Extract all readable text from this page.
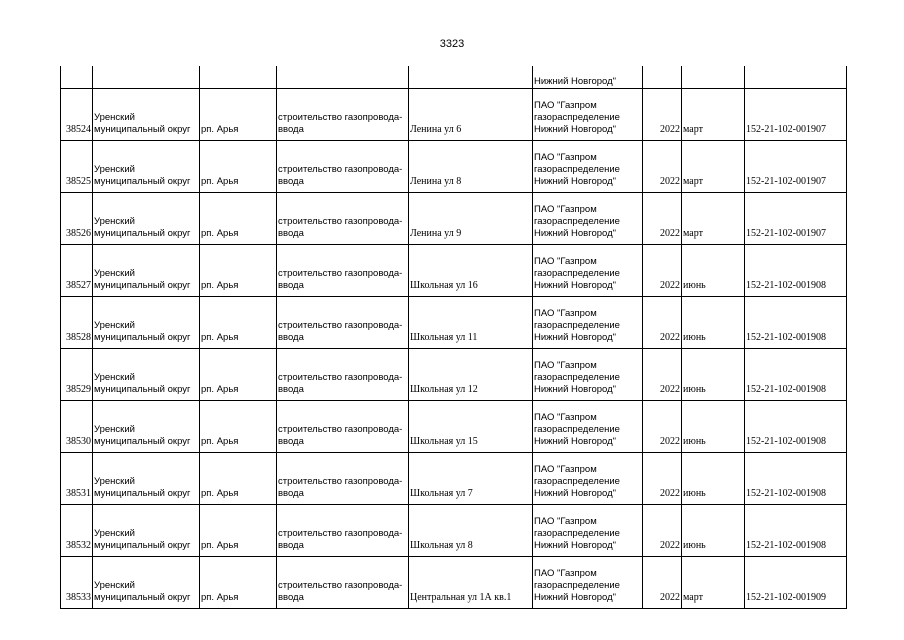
3323
					Нижний Новгород"			
38524	Уренский
муниципальный округ	рп. Арья	строительство газопровода-
ввода	Ленина ул 6	ПАО "Газпром
газораспределение
Нижний Новгород"	2022	март	152-21-102-001907
38525	Уренский
муниципальный округ	рп. Арья	строительство газопровода-
ввода	Ленина ул 8	ПАО "Газпром
газораспределение
Нижний Новгород"	2022	март	152-21-102-001907
38526	Уренский
муниципальный округ	рп. Арья	строительство газопровода-
ввода	Ленина ул 9	ПАО "Газпром
газораспределение
Нижний Новгород"	2022	март	152-21-102-001907
38527	Уренский
муниципальный округ	рп. Арья	строительство газопровода-
ввода	Школьная ул 16	ПАО "Газпром
газораспределение
Нижний Новгород"	2022	июнь	152-21-102-001908
38528	Уренский
муниципальный округ	рп. Арья	строительство газопровода-
ввода	Школьная ул 11	ПАО "Газпром
газораспределение
Нижний Новгород"	2022	июнь	152-21-102-001908
38529	Уренский
муниципальный округ	рп. Арья	строительство газопровода-
ввода	Школьная ул 12	ПАО "Газпром
газораспределение
Нижний Новгород"	2022	июнь	152-21-102-001908
38530	Уренский
муниципальный округ	рп. Арья	строительство газопровода-
ввода	Школьная ул 15	ПАО "Газпром
газораспределение
Нижний Новгород"	2022	июнь	152-21-102-001908
38531	Уренский
муниципальный округ	рп. Арья	строительство газопровода-
ввода	Школьная ул 7	ПАО "Газпром
газораспределение
Нижний Новгород"	2022	июнь	152-21-102-001908
38532	Уренский
муниципальный округ	рп. Арья	строительство газопровода-
ввода	Школьная ул 8	ПАО "Газпром
газораспределение
Нижний Новгород"	2022	июнь	152-21-102-001908
38533	Уренский
муниципальный округ	рп. Арья	строительство газопровода-
ввода	Центральная ул 1А кв.1	ПАО "Газпром
газораспределение
Нижний Новгород"	2022	март	152-21-102-001909
